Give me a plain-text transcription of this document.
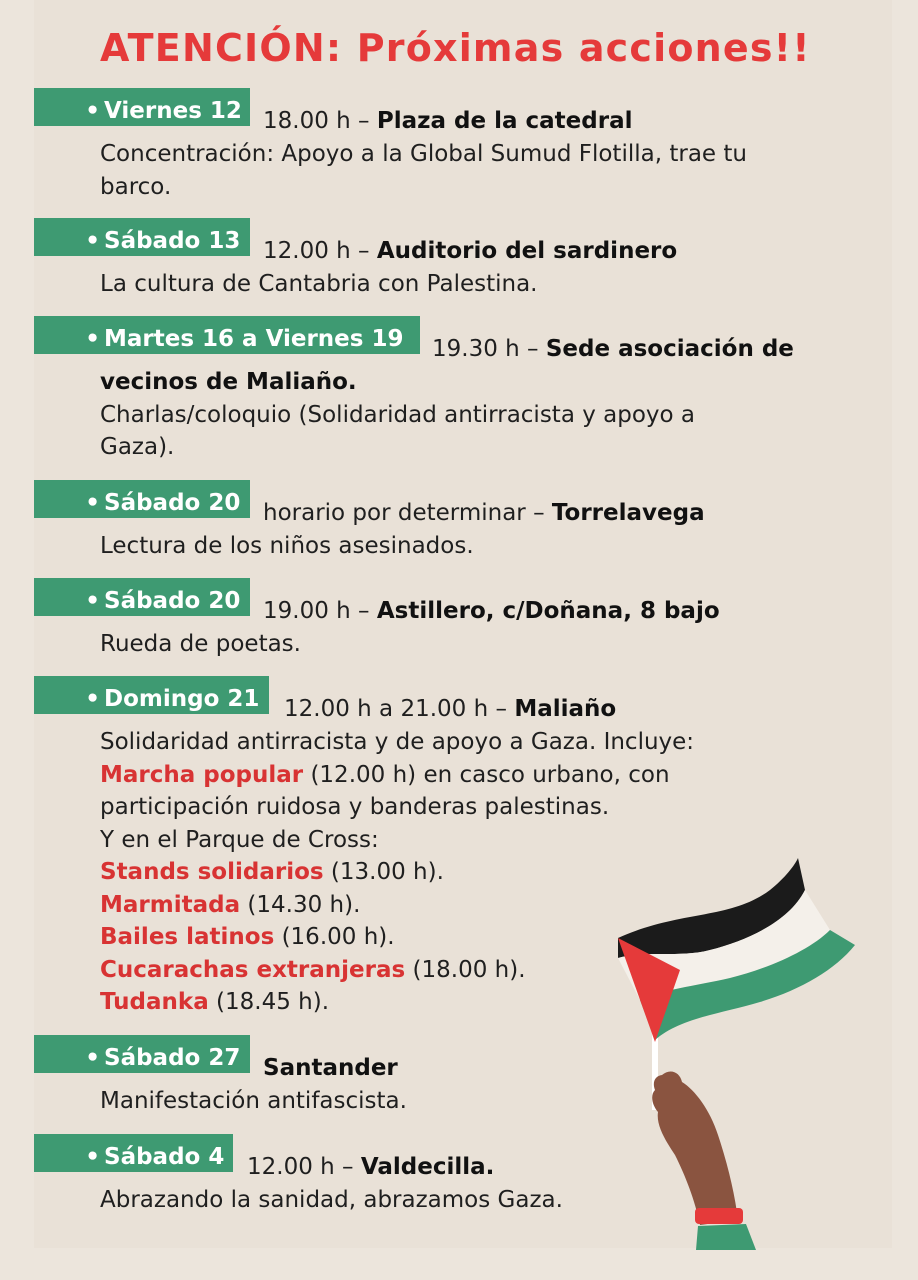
ATENCIÓN: Próximas acciones!!
• Viernes 12 18.00 h – Plaza de la catedral
Concentración: Apoyo a la Global Sumud Flotilla, trae tu
barco.
• Sábado 13 12.00 h – Auditorio del sardinero
La cultura de Cantabria con Palestina.
• Martes 16 a Viernes 19	19.30 h – Sede asociación de
vecinos de Maliaño.
Charlas/coloquio (Solidaridad antirracista y apoyo a
Gaza).
• Sábado 20 horario por determinar – Torrelavega
Lectura de los niños asesinados.
• Sábado 20 19.00 h – Astillero, c/Doñana, 8 bajo
Rueda de poetas.
• Domingo 21	12.00 h a 21.00 h – Maliaño
Solidaridad antirracista y de apoyo a Gaza. Incluye:
Marcha popular (12.00 h) en casco urbano, con
participación ruidosa y banderas palestinas.
Y en el Parque de Cross:
Stands solidarios (13.00 h).
Marmitada (14.30 h).
Bailes latinos (16.00 h).
Cucarachas extranjeras (18.00 h).
Tudanka (18.45 h).
• Sábado 27 Santander
Manifestación antifascista.
• Sábado 4 12.00 h – Valdecilla.
Abrazando la sanidad, abrazamos Gaza.
